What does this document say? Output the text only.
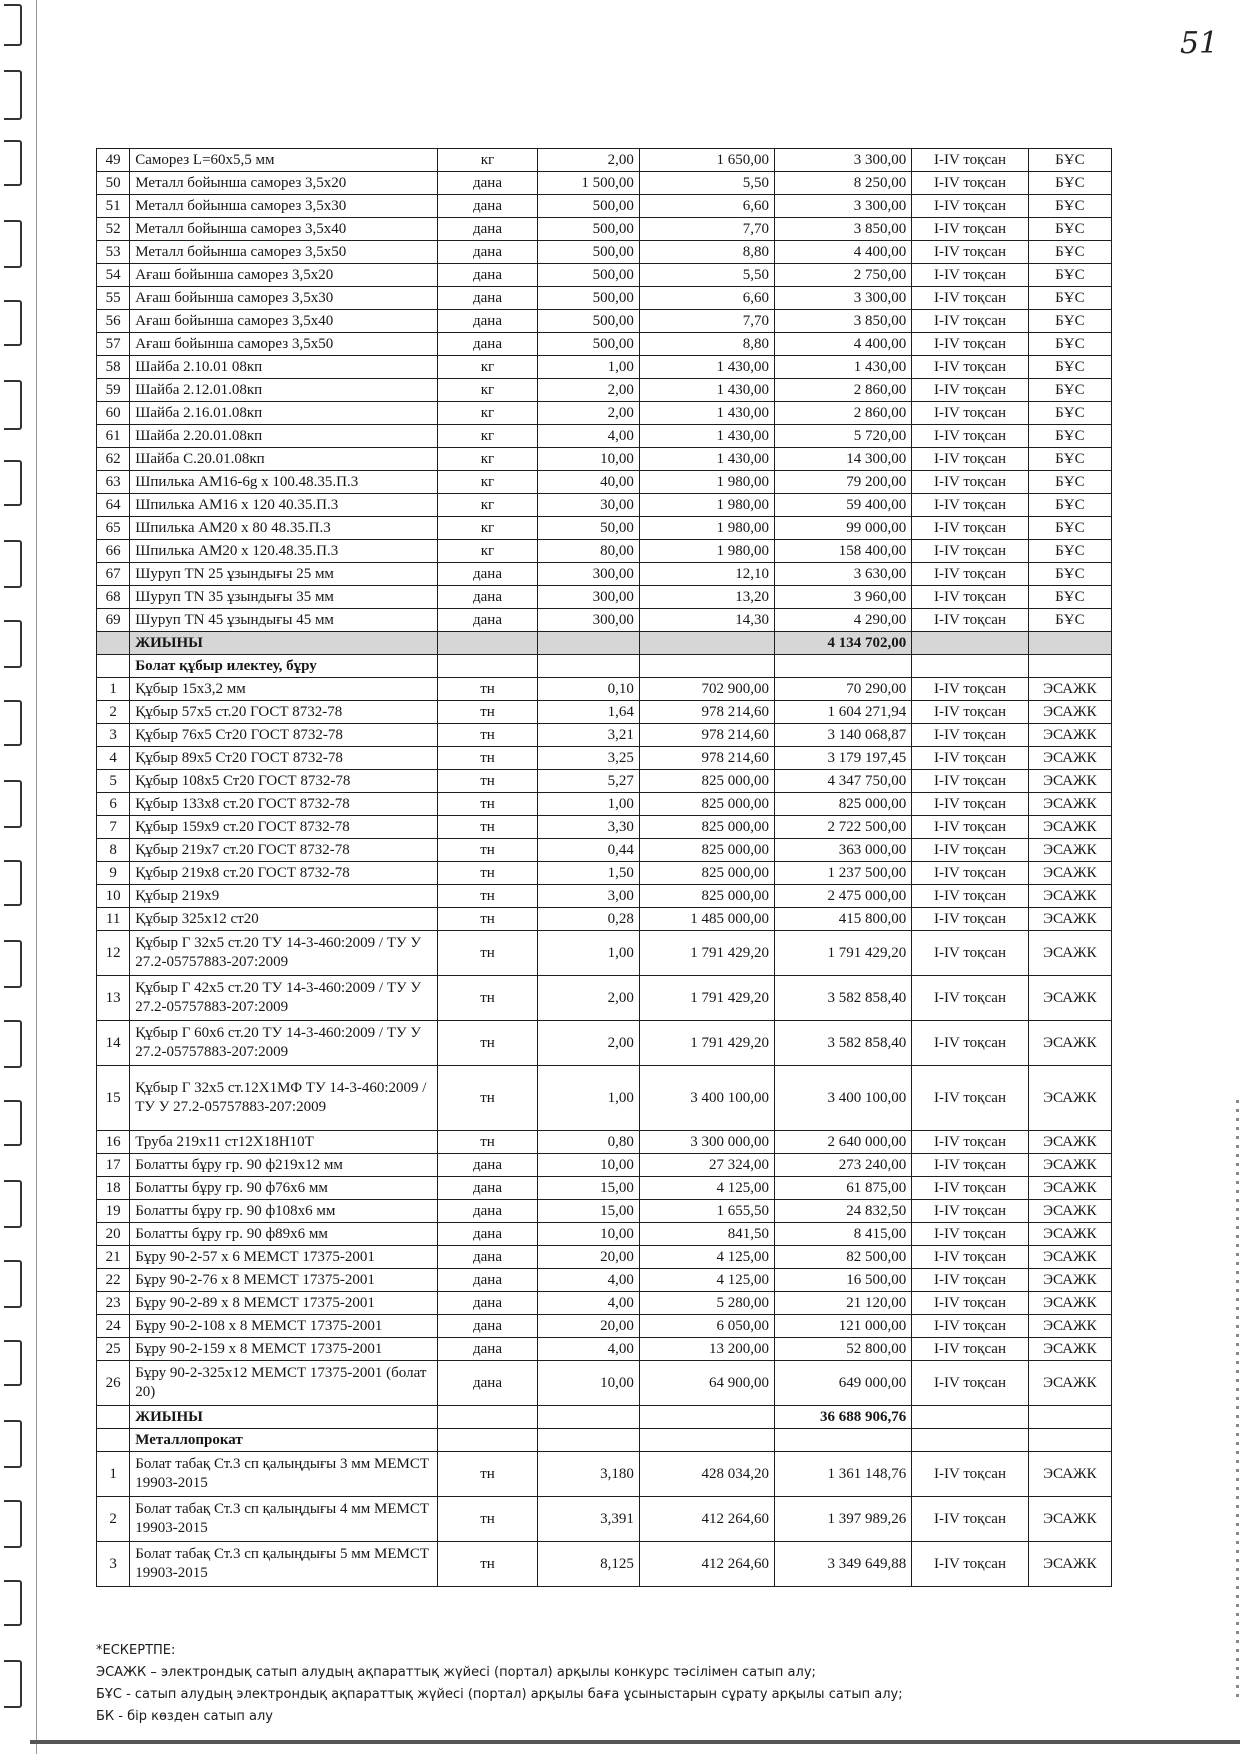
51
49	Саморез L=60х5,5 мм	кг	2,00	1 650,00	3 300,00	I-IV тоқсан	БҰС
50	Металл бойынша саморез 3,5х20	дана	1 500,00	5,50	8 250,00	I-IV тоқсан	БҰС
51	Металл бойынша саморез 3,5х30	дана	500,00	6,60	3 300,00	I-IV тоқсан	БҰС
52	Металл бойынша саморез 3,5х40	дана	500,00	7,70	3 850,00	I-IV тоқсан	БҰС
53	Металл бойынша саморез 3,5х50	дана	500,00	8,80	4 400,00	I-IV тоқсан	БҰС
54	Ағаш бойынша саморез 3,5х20	дана	500,00	5,50	2 750,00	I-IV тоқсан	БҰС
55	Ағаш бойынша саморез 3,5х30	дана	500,00	6,60	3 300,00	I-IV тоқсан	БҰС
56	Ағаш бойынша саморез 3,5х40	дана	500,00	7,70	3 850,00	I-IV тоқсан	БҰС
57	Ағаш бойынша саморез 3,5х50	дана	500,00	8,80	4 400,00	I-IV тоқсан	БҰС
58	Шайба 2.10.01 08кп	кг	1,00	1 430,00	1 430,00	I-IV тоқсан	БҰС
59	Шайба 2.12.01.08кп	кг	2,00	1 430,00	2 860,00	I-IV тоқсан	БҰС
60	Шайба 2.16.01.08кп	кг	2,00	1 430,00	2 860,00	I-IV тоқсан	БҰС
61	Шайба 2.20.01.08кп	кг	4,00	1 430,00	5 720,00	I-IV тоқсан	БҰС
62	Шайба С.20.01.08кп	кг	10,00	1 430,00	14 300,00	I-IV тоқсан	БҰС
63	Шпилька АМ16-6g х 100.48.35.П.3	кг	40,00	1 980,00	79 200,00	I-IV тоқсан	БҰС
64	Шпилька АМ16 х 120 40.35.П.3	кг	30,00	1 980,00	59 400,00	I-IV тоқсан	БҰС
65	Шпилька АМ20 х 80 48.35.П.3	кг	50,00	1 980,00	99 000,00	I-IV тоқсан	БҰС
66	Шпилька АМ20 х 120.48.35.П.3	кг	80,00	1 980,00	158 400,00	I-IV тоқсан	БҰС
67	Шуруп TN 25 ұзындығы 25 мм	дана	300,00	12,10	3 630,00	I-IV тоқсан	БҰС
68	Шуруп TN 35 ұзындығы 35 мм	дана	300,00	13,20	3 960,00	I-IV тоқсан	БҰС
69	Шуруп TN 45 ұзындығы 45 мм	дана	300,00	14,30	4 290,00	I-IV тоқсан	БҰС
	ЖИЫНЫ				4 134 702,00		
	Болат құбыр илектеу, бұру						
1	Құбыр 15х3,2 мм	тн	0,10	702 900,00	70 290,00	I-IV тоқсан	ЭСАЖК
2	Құбыр 57х5 ст.20 ГОСТ 8732-78	тн	1,64	978 214,60	1 604 271,94	I-IV тоқсан	ЭСАЖК
3	Құбыр 76х5 Ст20 ГОСТ 8732-78	тн	3,21	978 214,60	3 140 068,87	I-IV тоқсан	ЭСАЖК
4	Құбыр 89х5 Ст20 ГОСТ 8732-78	тн	3,25	978 214,60	3 179 197,45	I-IV тоқсан	ЭСАЖК
5	Құбыр 108х5 Ст20 ГОСТ 8732-78	тн	5,27	825 000,00	4 347 750,00	I-IV тоқсан	ЭСАЖК
6	Құбыр 133х8 ст.20 ГОСТ 8732-78	тн	1,00	825 000,00	825 000,00	I-IV тоқсан	ЭСАЖК
7	Құбыр 159х9 ст.20 ГОСТ 8732-78	тн	3,30	825 000,00	2 722 500,00	I-IV тоқсан	ЭСАЖК
8	Құбыр 219х7 ст.20 ГОСТ 8732-78	тн	0,44	825 000,00	363 000,00	I-IV тоқсан	ЭСАЖК
9	Құбыр 219х8 ст.20 ГОСТ 8732-78	тн	1,50	825 000,00	1 237 500,00	I-IV тоқсан	ЭСАЖК
10	Құбыр 219х9	тн	3,00	825 000,00	2 475 000,00	I-IV тоқсан	ЭСАЖК
11	Құбыр 325х12 ст20	тн	0,28	1 485 000,00	415 800,00	I-IV тоқсан	ЭСАЖК
12	Құбыр Г 32х5 ст.20 ТУ 14-3-460:2009 / ТУ У 27.2-05757883-207:2009	тн	1,00	1 791 429,20	1 791 429,20	I-IV тоқсан	ЭСАЖК
13	Құбыр Г 42х5 ст.20 ТУ 14-3-460:2009 / ТУ У 27.2-05757883-207:2009	тн	2,00	1 791 429,20	3 582 858,40	I-IV тоқсан	ЭСАЖК
14	Құбыр Г 60х6 ст.20 ТУ 14-3-460:2009 / ТУ У 27.2-05757883-207:2009	тн	2,00	1 791 429,20	3 582 858,40	I-IV тоқсан	ЭСАЖК
15	Құбыр Г 32х5 ст.12Х1МФ ТУ 14-3-460:2009 / ТУ У 27.2-05757883-207:2009	тн	1,00	3 400 100,00	3 400 100,00	I-IV тоқсан	ЭСАЖК
16	Труба 219х11 ст12Х18Н10Т	тн	0,80	3 300 000,00	2 640 000,00	I-IV тоқсан	ЭСАЖК
17	Болатты бұру гр. 90 ф219х12 мм	дана	10,00	27 324,00	273 240,00	I-IV тоқсан	ЭСАЖК
18	Болатты бұру гр. 90 ф76х6 мм	дана	15,00	4 125,00	61 875,00	I-IV тоқсан	ЭСАЖК
19	Болатты бұру гр. 90 ф108х6 мм	дана	15,00	1 655,50	24 832,50	I-IV тоқсан	ЭСАЖК
20	Болатты бұру гр. 90 ф89х6 мм	дана	10,00	841,50	8 415,00	I-IV тоқсан	ЭСАЖК
21	Бұру 90-2-57 х 6 МЕМСТ 17375-2001	дана	20,00	4 125,00	82 500,00	I-IV тоқсан	ЭСАЖК
22	Бұру 90-2-76 х 8 МЕМСТ 17375-2001	дана	4,00	4 125,00	16 500,00	I-IV тоқсан	ЭСАЖК
23	Бұру 90-2-89 х 8 МЕМСТ 17375-2001	дана	4,00	5 280,00	21 120,00	I-IV тоқсан	ЭСАЖК
24	Бұру 90-2-108 х 8 МЕМСТ 17375-2001	дана	20,00	6 050,00	121 000,00	I-IV тоқсан	ЭСАЖК
25	Бұру 90-2-159 х 8 МЕМСТ 17375-2001	дана	4,00	13 200,00	52 800,00	I-IV тоқсан	ЭСАЖК
26	Бұру 90-2-325х12 МЕМСТ 17375-2001 (болат 20)	дана	10,00	64 900,00	649 000,00	I-IV тоқсан	ЭСАЖК
	ЖИЫНЫ				36 688 906,76		
	Металлопрокат						
1	Болат табақ Ст.3 сп қалыңдығы 3 мм МЕМСТ 19903-2015	тн	3,180	428 034,20	1 361 148,76	I-IV тоқсан	ЭСАЖК
2	Болат табақ Ст.3 сп қалыңдығы 4 мм МЕМСТ 19903-2015	тн	3,391	412 264,60	1 397 989,26	I-IV тоқсан	ЭСАЖК
3	Болат табақ Ст.3 сп қалыңдығы 5 мм МЕМСТ 19903-2015	тн	8,125	412 264,60	3 349 649,88	I-IV тоқсан	ЭСАЖК
*ЕСКЕРТПЕ:
ЭСАЖК – электрондық сатып алудың ақпараттық жүйесі (портал) арқылы конкурс тәсілімен сатып алу;
БҰС - сатып алудың электрондық ақпараттық жүйесі (портал) арқылы баға ұсыныстарын сұрату арқылы сатып алу;
БК - бір көзден сатып алу
